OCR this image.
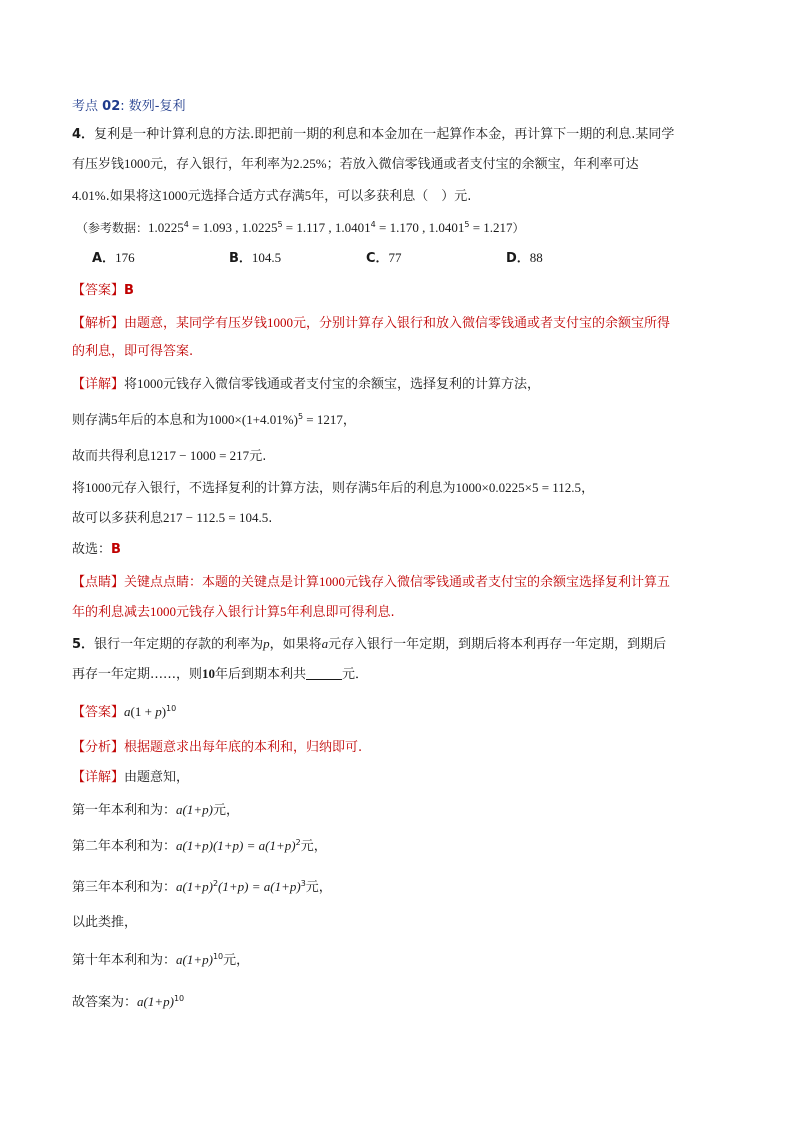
考点 02: 数列-复利
4．复利是一种计算利息的方法.即把前一期的利息和本金加在一起算作本金，再计算下一期的利息.某同学
有压岁钱1000元，存入银行，年利率为2.25%；若放入微信零钱通或者支付宝的余额宝，年利率可达
4.01%.如果将这1000元选择合适方式存满5年，可以多获利息（　）元.
（参考数据：$1.0225^4 = 1.093$ , $1.0225^5 = 1.117$ , $1.0401^4 = 1.170$ , $1.0401^5 = 1.217$）
A．176	B．104.5	C．77	D．88
【答案】B
【解析】由题意，某同学有压岁钱1000元，分别计算存入银行和放入微信零钱通或者支付宝的余额宝所得
的利息，即可得答案.
【详解】将1000元钱存入微信零钱通或者支付宝的余额宝，选择复利的计算方法，
则存满5年后的本息和为$1000\times(1+4.01\%)^5 = 1217$，
故而共得利息1217 − 1000 = 217元.
将1000元存入银行，不选择复利的计算方法，则存满5年后的利息为1000×0.0225×5 = 112.5，
故可以多获利息217 − 112.5 = 104.5.
故选：B
【点睛】关键点点睛：本题的关键点是计算1000元钱存入微信零钱通或者支付宝的余额宝选择复利计算五
年的利息减去1000元钱存入银行计算5年利息即可得利息.
5．银行一年定期的存款的利率为p，如果将a元存入银行一年定期，到期后将本利再存一年定期，到期后
再存一年定期……，则10年后到期本利共	元．
【答案】$a(1 + p)^{10}$
【分析】根据题意求出每年底的本利和，归纳即可.
【详解】由题意知，
第一年本利和为：a(1+p)元，
第二年本利和为：$a(1+p)(1+p) = a(1+p)^2$元，
第三年本利和为：$a(1+p)^2(1+p) = a(1+p)^3$元，
以此类推，
第十年本利和为：$a(1+p)^{10}$元，
故答案为：$a(1+p)^{10}$
